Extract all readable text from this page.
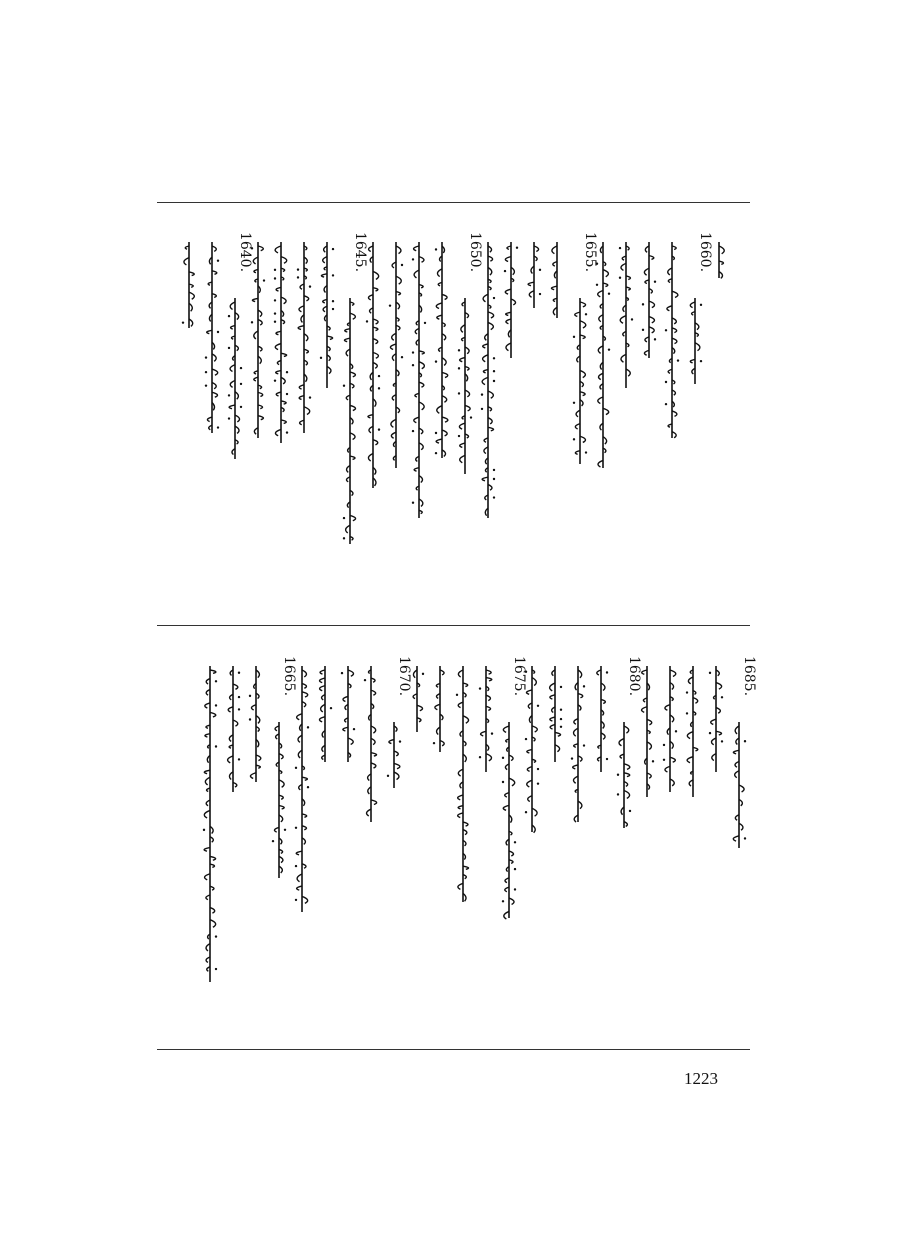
1660.
1655.
1650.
1645.
1640.
1685.
1680.
1675.
1670.
1665.
1223
